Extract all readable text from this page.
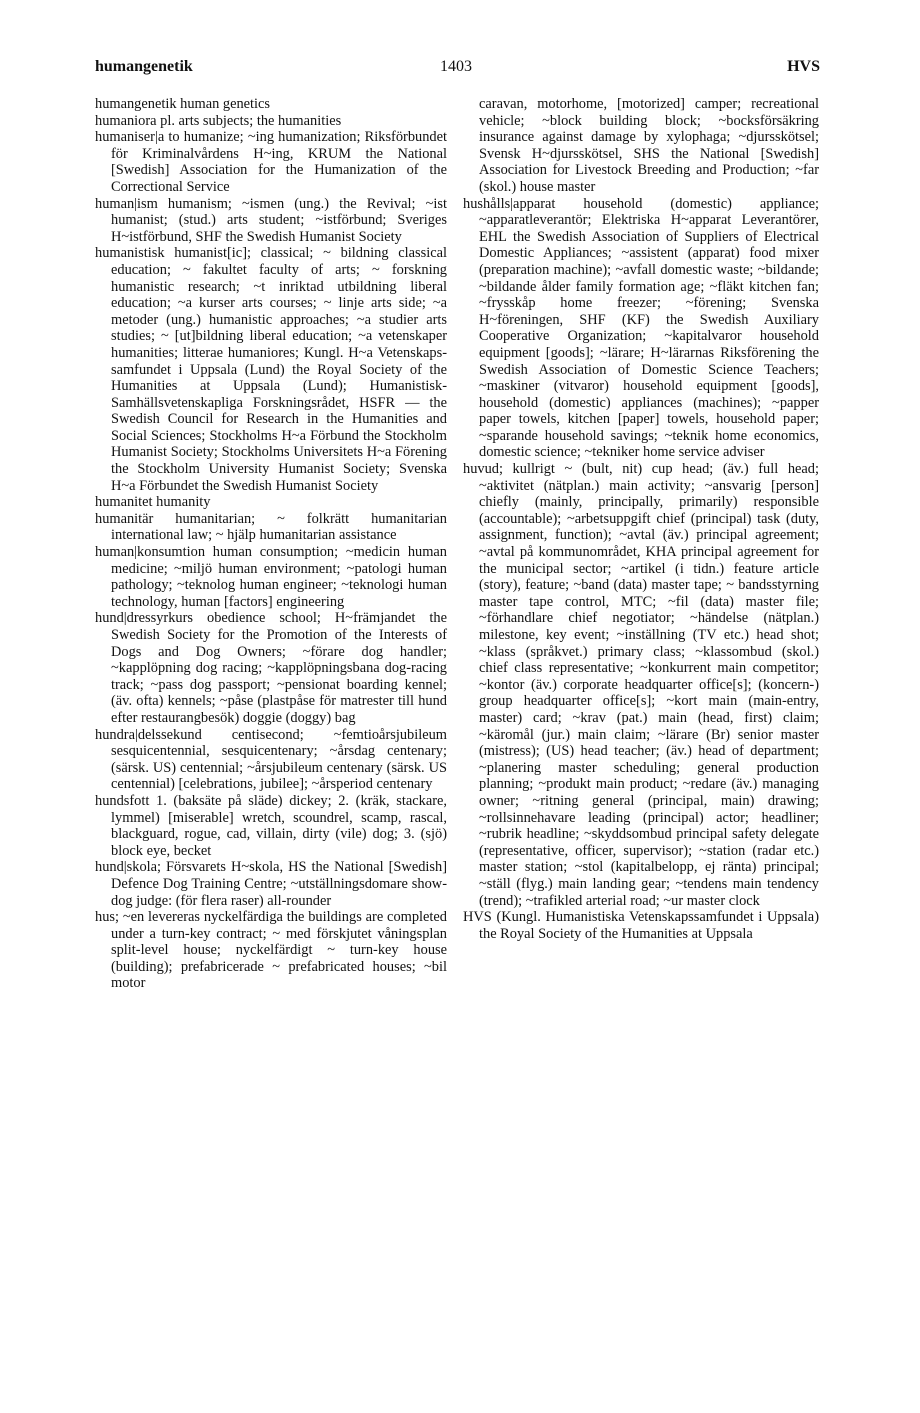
humangenetik	1403	HVS

humangenetik human genetics

humaniora pl. arts subjects; the humanities

humaniser|a to humanize; ~ing humanization; Riksförbundet för Kriminalvårdens H~ing, KRUM the National [Swedish] Association for the Humanization of the Correctional Service

human|ism humanism; ~ismen (ung.) the Revival; ~ist humanist; (stud.) arts student; ~istförbund; Sveriges H~istförbund, SHF the Swedish Humanist Society

humanistisk humanist[ic]; classical; ~ bildning classical education; ~ fakultet faculty of arts; ~ forskning humanistic research; ~t inriktad utbildning liberal education; ~a kurser arts courses; ~ linje arts side; ~a metoder (ung.) humanistic approaches; ~a studier arts studies; ~ [ut]bildning liberal education; ~a vetenskaper humanities; litterae humaniores; Kungl. H~a Vetenskaps-samfundet i Uppsala (Lund) the Royal Society of the Humanities at Uppsala (Lund); Humanistisk-Samhällsvetenskapliga Forskningsrådet, HSFR — the Swedish Council for Research in the Humanities and Social Sciences; Stockholms H~a Förbund the Stockholm Humanist Society; Stockholms Universitets H~a Förening the Stockholm University Humanist Society; Svenska H~a Förbundet the Swedish Humanist Society

humanitet humanity

humanitär humanitarian; ~ folkrätt humanitarian international law; ~ hjälp humanitarian assistance

human|konsumtion human consumption; ~medicin human medicine; ~miljö human environment; ~patologi human pathology; ~teknolog human engineer; ~teknologi human technology, human [factors] engineering

hund|dressyrkurs obedience school; H~främjandet the Swedish Society for the Promotion of the Interests of Dogs and Dog Owners; ~förare dog handler; ~kapplöpning dog racing; ~kapplöpningsbana dog-racing track; ~pass dog passport; ~pensionat boarding kennel; (äv. ofta) kennels; ~påse (plastpåse för matrester till hund efter restaurangbesök) doggie (doggy) bag

hundra|delssekund centisecond; ~femtioårsjubileum sesquicentennial, sesquicentenary; ~årsdag centenary; (särsk. US) centennial; ~årsjubileum centenary (särsk. US centennial) [celebrations, jubilee]; ~årsperiod centenary

hundsfott 1. (baksäte på släde) dickey; 2. (kräk, stackare, lymmel) [miserable] wretch, scoundrel, scamp, rascal, blackguard, rogue, cad, villain, dirty (vile) dog; 3. (sjö) block eye, becket

hund|skola; Försvarets H~skola, HS the National [Swedish] Defence Dog Training Centre; ~utställningsdomare show-dog judge: (för flera raser) all-rounder

hus; ~en levereras nyckelfärdiga the buildings are completed under a turn-key contract; ~ med förskjutet våningsplan split-level house; nyckelfärdigt ~ turn-key house (building); prefabricerade ~ prefabricated houses; ~bil motor

caravan, motorhome, [motorized] camper; recreational vehicle; ~block building block; ~bocksförsäkring insurance against damage by xylophaga; ~djursskötsel; Svensk H~djursskötsel, SHS the National [Swedish] Association for Livestock Breeding and Production; ~far (skol.) house master

hushålls|apparat household (domestic) appliance; ~apparatleverantör; Elektriska H~apparat Leverantörer, EHL the Swedish Association of Suppliers of Electrical Domestic Appliances; ~assistent (apparat) food mixer (preparation machine); ~avfall domestic waste; ~bildande; ~bildande ålder family formation age; ~fläkt kitchen fan; ~frysskåp home freezer; ~förening; Svenska H~föreningen, SHF (KF) the Swedish Auxiliary Cooperative Organization; ~kapitalvaror household equipment [goods]; ~lärare; H~lärarnas Riksförening the Swedish Association of Domestic Science Teachers; ~maskiner (vitvaror) household equipment [goods], household (domestic) appliances (machines); ~papper paper towels, kitchen [paper] towels, household paper; ~sparande household savings; ~teknik home economics, domestic science; ~tekniker home service adviser

huvud; kullrigt ~ (bult, nit) cup head; (äv.) full head; ~aktivitet (nätplan.) main activity; ~ansvarig [person] chiefly (mainly, principally, primarily) responsible (accountable); ~arbetsuppgift chief (principal) task (duty, assignment, function); ~avtal (äv.) principal agreement; ~avtal på kommunområdet, KHA principal agreement for the municipal sector; ~artikel (i tidn.) feature article (story), feature; ~band (data) master tape; ~ bandsstyrning master tape control, MTC; ~fil (data) master file; ~förhandlare chief negotiator; ~händelse (nätplan.) milestone, key event; ~inställning (TV etc.) head shot; ~klass (språkvet.) primary class; ~klassombud (skol.) chief class representative; ~konkurrent main competitor; ~kontor (äv.) corporate headquarter office[s]; (koncern-) group headquarter office[s]; ~kort main (main-entry, master) card; ~krav (pat.) main (head, first) claim; ~käromål (jur.) main claim; ~lärare (Br) senior master (mistress); (US) head teacher; (äv.) head of department; ~planering master scheduling; general production planning; ~produkt main product; ~redare (äv.) managing owner; ~ritning general (principal, main) drawing; ~rollsinnehavare leading (principal) actor; headliner; ~rubrik headline; ~skyddsombud principal safety delegate (representative, officer, supervisor); ~station (radar etc.) master station; ~stol (kapitalbelopp, ej ränta) principal; ~ställ (flyg.) main landing gear; ~tendens main tendency (trend); ~trafikled arterial road; ~ur master clock

HVS (Kungl. Humanistiska Vetenskapssamfundet i Uppsala) the Royal Society of the Humanities at Uppsala
